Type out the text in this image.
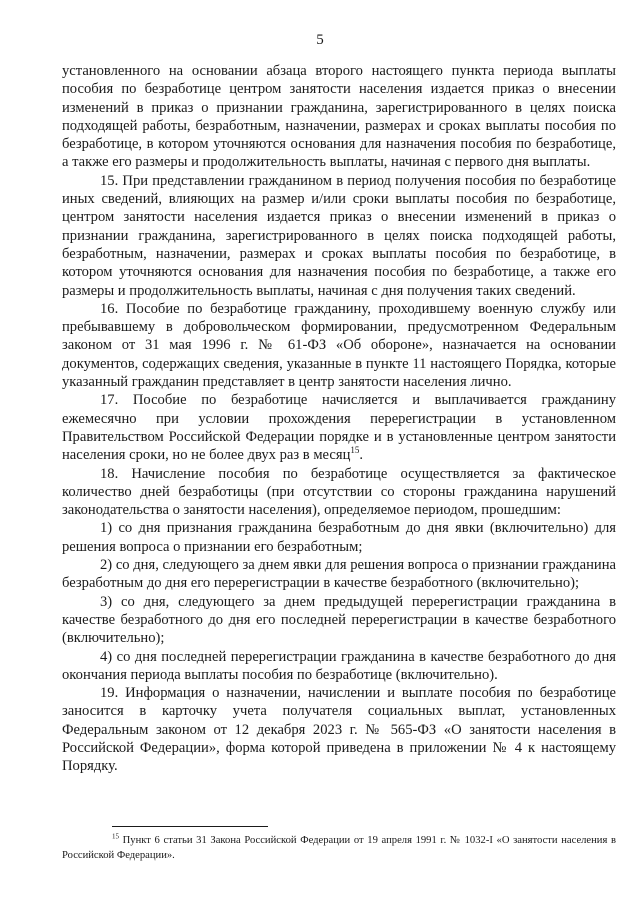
5

установленного на основании абзаца второго настоящего пункта периода выплаты пособия по безработице центром занятости населения издается приказ о внесении изменений в приказ о признании гражданина, зарегистрированного в целях поиска подходящей работы, безработным, назначении, размерах и сроках выплаты пособия по безработице, в котором уточняются основания для назначения пособия по безработице, а также его размеры и продолжительность выплаты, начиная с первого дня выплаты.

15. При представлении гражданином в период получения пособия по безработице иных сведений, влияющих на размер и/или сроки выплаты пособия по безработице, центром занятости населения издается приказ о внесении изменений в приказ о признании гражданина, зарегистрированного в целях поиска подходящей работы, безработным, назначении, размерах и сроках выплаты пособия по безработице, в котором уточняются основания для назначения пособия по безработице, а также его размеры и продолжительность выплаты, начиная с дня получения таких сведений.

16. Пособие по безработице гражданину, проходившему военную службу или пребывавшему в добровольческом формировании, предусмотренном Федеральным законом от 31 мая 1996 г. № 61-ФЗ «Об обороне», назначается на основании документов, содержащих сведения, указанные в пункте 11 настоящего Порядка, которые указанный гражданин представляет в центр занятости населения лично.

17. Пособие по безработице начисляется и выплачивается гражданину ежемесячно при условии прохождения перерегистрации в установленном Правительством Российской Федерации порядке и в установленные центром занятости населения сроки, но не более двух раз в месяц$^{15}$.

18. Начисление пособия по безработице осуществляется за фактическое количество дней безработицы (при отсутствии со стороны гражданина нарушений законодательства о занятости населения), определяемое периодом, прошедшим:

1) со дня признания гражданина безработным до дня явки (включительно) для решения вопроса о признании его безработным;

2) со дня, следующего за днем явки для решения вопроса о признании гражданина безработным до дня его перерегистрации в качестве безработного (включительно);

3) со дня, следующего за днем предыдущей перерегистрации гражданина в качестве безработного до дня его последней перерегистрации в качестве безработного (включительно);

4) со дня последней перерегистрации гражданина в качестве безработного до дня окончания периода выплаты пособия по безработице (включительно).

19. Информация о назначении, начислении и выплате пособия по безработице заносится в карточку учета получателя социальных выплат, установленных Федеральным законом от 12 декабря 2023 г. № 565-ФЗ «О занятости населения в Российской Федерации», форма которой приведена в приложении № 4 к настоящему Порядку.

$^{15}$ Пункт 6 статьи 31 Закона Российской Федерации от 19 апреля 1991 г. № 1032-I «О занятости населения в Российской Федерации».
